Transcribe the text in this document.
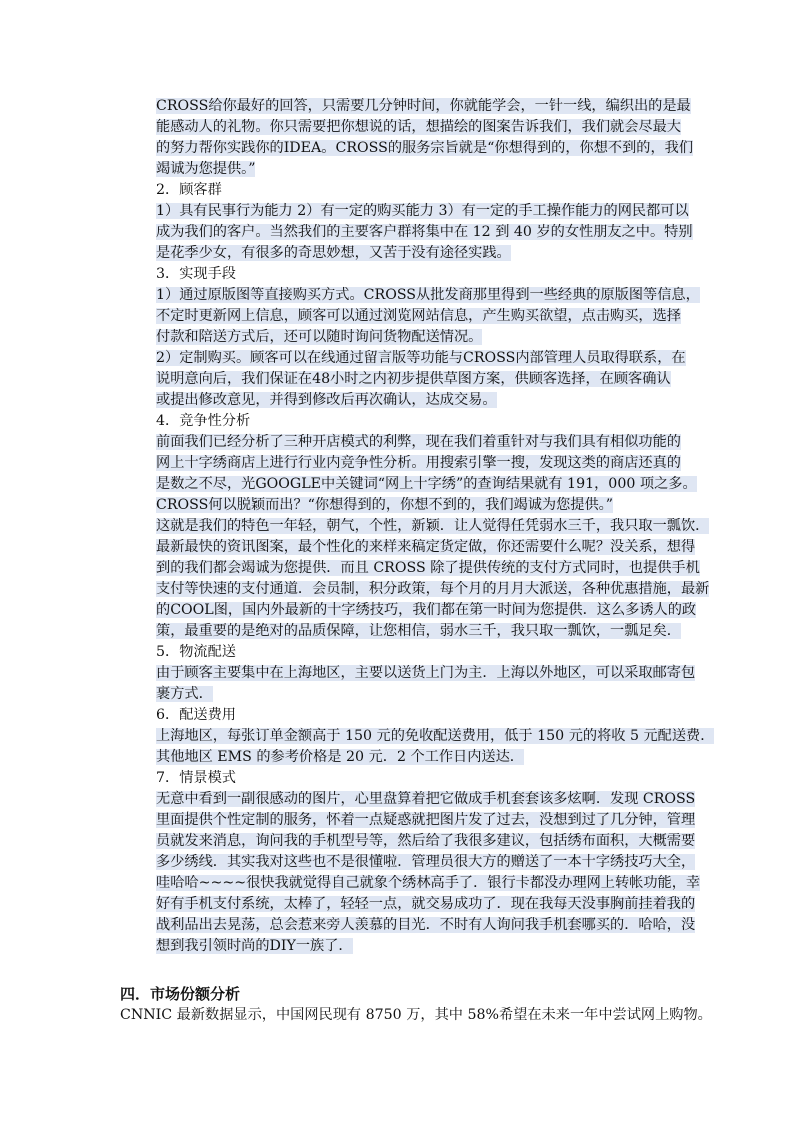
CROSS给你最好的回答，只需要几分钟时间，你就能学会，一针一线，编织出的是最
能感动人的礼物。你只需要把你想说的话，想描绘的图案告诉我们，我们就会尽最大
的努力帮你实践你的IDEA。CROSS的服务宗旨就是“你想得到的，你想不到的，我们
竭诚为您提供。”
2．顾客群
1）具有民事行为能力 2）有一定的购买能力 3）有一定的手工操作能力的网民都可以
成为我们的客户。当然我们的主要客户群将集中在 12 到 40 岁的女性朋友之中。特别
是花季少女，有很多的奇思妙想，又苦于没有途径实践。
3．实现手段
1）通过原版图等直接购买方式。CROSS从批发商那里得到一些经典的原版图等信息，
不定时更新网上信息，顾客可以通过浏览网站信息，产生购买欲望，点击购买，选择
付款和陪送方式后，还可以随时询问货物配送情况。
2）定制购买。顾客可以在线通过留言版等功能与CROSS内部管理人员取得联系，在
说明意向后，我们保证在48小时之内初步提供草图方案，供顾客选择，在顾客确认
或提出修改意见，并得到修改后再次确认，达成交易。
4．竞争性分析
前面我们已经分析了三种开店模式的利弊，现在我们着重针对与我们具有相似功能的
网上十字绣商店上进行行业内竞争性分析。用搜索引擎一搜，发现这类的商店还真的
是数之不尽，光GOOGLE中关键词“网上十字绣”的查询结果就有 191，000 项之多。
CROSS何以脱颖而出？“你想得到的，你想不到的，我们竭诚为您提供。”
这就是我们的特色一年轻，朝气，个性，新颖．让人觉得任凭弱水三千，我只取一瓢饮．
最新最快的资讯图案，最个性化的来样来稿定货定做，你还需要什么呢？没关系，想得
到的我们都会竭诚为您提供．而且 CROSS 除了提供传统的支付方式同时，也提供手机
支付等快速的支付通道．会员制，积分政策，每个月的月月大派送，各种优惠措施，最新
的COOL图，国内外最新的十字绣技巧，我们都在第一时间为您提供．这么多诱人的政
策，最重要的是绝对的品质保障，让您相信，弱水三千，我只取一瓢饮，一瓢足矣．
5．物流配送
由于顾客主要集中在上海地区，主要以送货上门为主．上海以外地区，可以采取邮寄包
裹方式．
6．配送费用
上海地区，每张订单金额高于 150 元的免收配送费用，低于 150 元的将收 5 元配送费．
其他地区 EMS 的参考价格是 20 元．2 个工作日内送达．
7．情景模式
无意中看到一副很感动的图片，心里盘算着把它做成手机套套该多炫啊．发现 CROSS
里面提供个性定制的服务，怀着一点疑惑就把图片发了过去，没想到过了几分钟，管理
员就发来消息，询问我的手机型号等，然后给了我很多建议，包括绣布面积，大概需要
多少绣线．其实我对这些也不是很懂啦．管理员很大方的赠送了一本十字绣技巧大全，
哇哈哈~~~~很快我就觉得自己就象个绣林高手了．银行卡都没办理网上转帐功能，幸
好有手机支付系统，太棒了，轻轻一点，就交易成功了．现在我每天没事胸前挂着我的
战利品出去晃荡，总会惹来旁人羡慕的目光．不时有人询问我手机套哪买的．哈哈，没
想到我引领时尚的DIY一族了．
四．市场份额分析
CNNIC 最新数据显示，中国网民现有 8750 万，其中 58%希望在未来一年中尝试网上购物。
